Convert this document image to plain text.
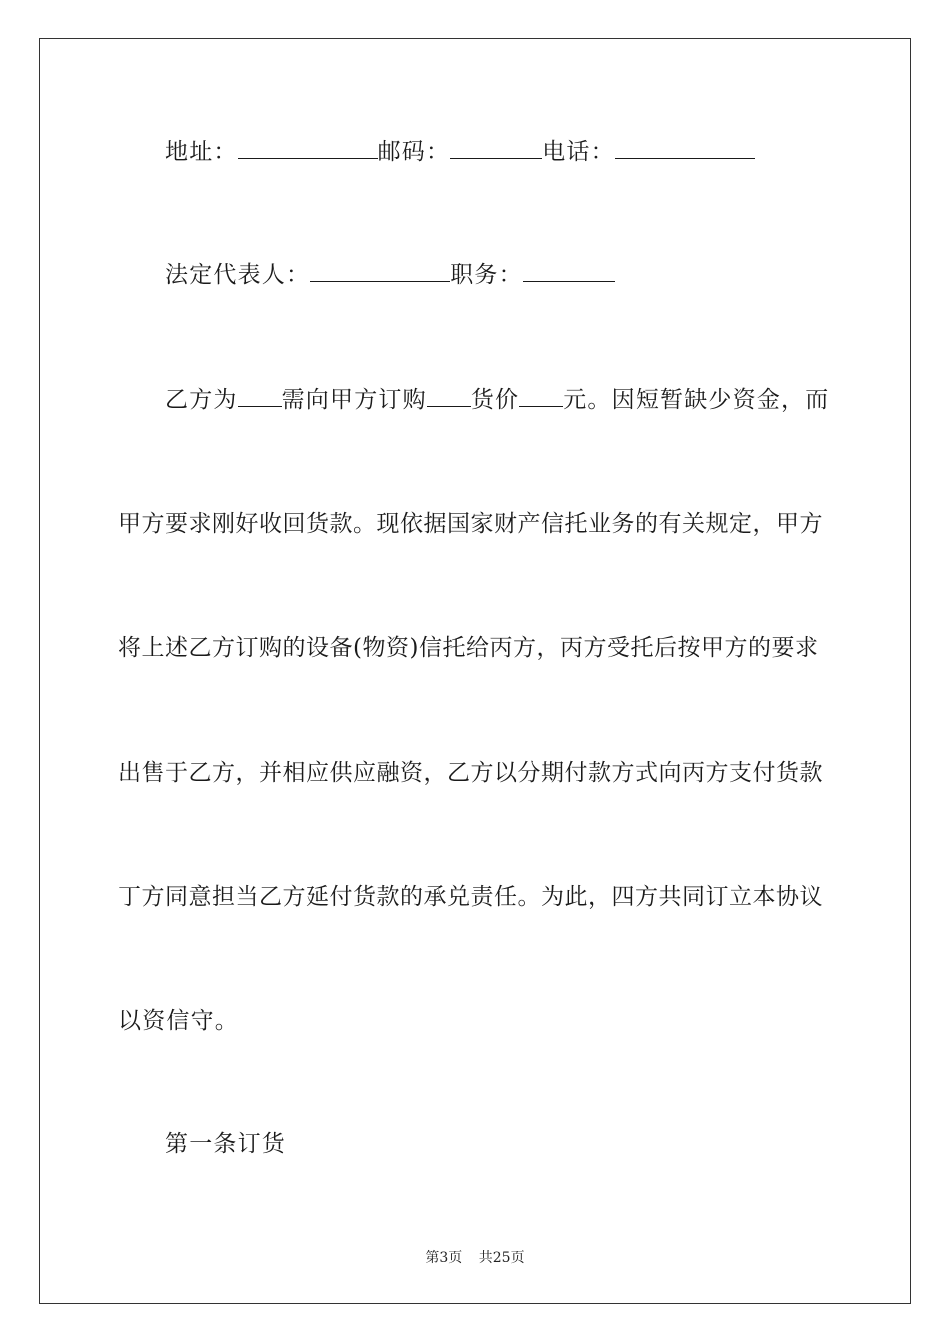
地址：	邮码：	电话：
法定代表人：	职务：
乙方为 需向甲方订购 货价 元。因短暂缺少资金，而
甲方要求刚好收回货款。现依据国家财产信托业务的有关规定，甲方
将上述乙方订购的设备(物资)信托给丙方，丙方受托后按甲方的要求
出售于乙方，并相应供应融资，乙方以分期付款方式向丙方支付货款
丁方同意担当乙方延付货款的承兑责任。为此，四方共同订立本协议
以资信守。
第一条订货
第3页 共25页
